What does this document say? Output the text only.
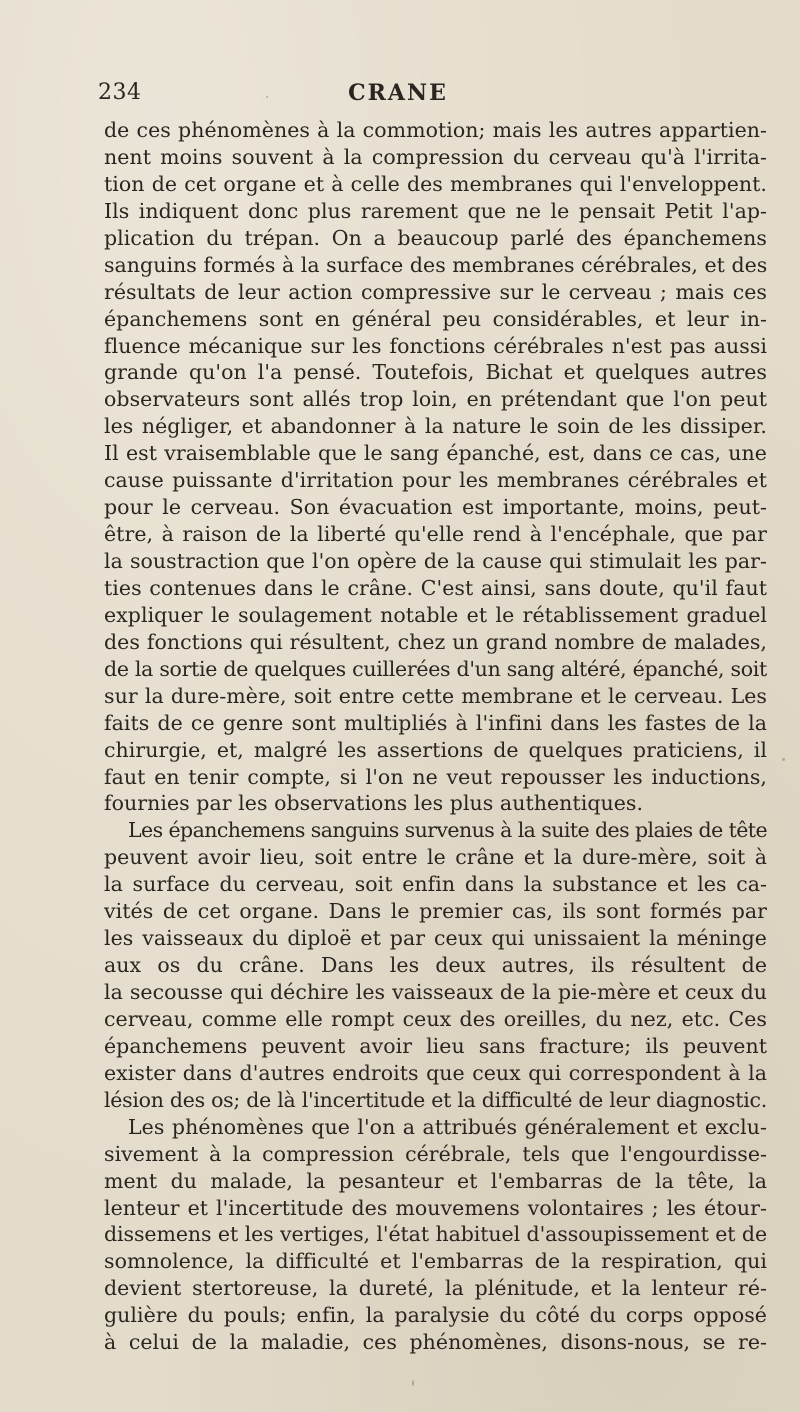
234	CRANE
de ces phénomènes à la commotion; mais les autres appartien-
nent moins souvent à la compression du cerveau qu'à l'irrita-
tion de cet organe et à celle des membranes qui l'enveloppent.
Ils indiquent donc plus rarement que ne le pensait Petit l'ap-
plication du trépan. On a beaucoup parlé des épanchemens
sanguins formés à la surface des membranes cérébrales, et des
résultats de leur action compressive sur le cerveau ; mais ces
épanchemens sont en général peu considérables, et leur in-
fluence mécanique sur les fonctions cérébrales n'est pas aussi
grande qu'on l'a pensé. Toutefois, Bichat et quelques autres
observateurs sont allés trop loin, en prétendant que l'on peut
les négliger, et abandonner à la nature le soin de les dissiper.
Il est vraisemblable que le sang épanché, est, dans ce cas, une
cause puissante d'irritation pour les membranes cérébrales et
pour le cerveau. Son évacuation est importante, moins, peut-
être, à raison de la liberté qu'elle rend à l'encéphale, que par
la soustraction que l'on opère de la cause qui stimulait les par-
ties contenues dans le crâne. C'est ainsi, sans doute, qu'il faut
expliquer le soulagement notable et le rétablissement graduel
des fonctions qui résultent, chez un grand nombre de malades,
de la sortie de quelques cuillerées d'un sang altéré, épanché, soit
sur la dure-mère, soit entre cette membrane et le cerveau. Les
faits de ce genre sont multipliés à l'infini dans les fastes de la
chirurgie, et, malgré les assertions de quelques praticiens, il
faut en tenir compte, si l'on ne veut repousser les inductions,
fournies par les observations les plus authentiques.
Les épanchemens sanguins survenus à la suite des plaies de tête
peuvent avoir lieu, soit entre le crâne et la dure-mère, soit à
la surface du cerveau, soit enfin dans la substance et les ca-
vités de cet organe. Dans le premier cas, ils sont formés par
les vaisseaux du diploë et par ceux qui unissaient la méninge
aux os du crâne. Dans les deux autres, ils résultent de
la secousse qui déchire les vaisseaux de la pie-mère et ceux du
cerveau, comme elle rompt ceux des oreilles, du nez, etc. Ces
épanchemens peuvent avoir lieu sans fracture; ils peuvent
exister dans d'autres endroits que ceux qui correspondent à la
lésion des os; de là l'incertitude et la difficulté de leur diagnostic.
Les phénomènes que l'on a attribués généralement et exclu-
sivement à la compression cérébrale, tels que l'engourdisse-
ment du malade, la pesanteur et l'embarras de la tête, la
lenteur et l'incertitude des mouvemens volontaires ; les étour-
dissemens et les vertiges, l'état habituel d'assoupissement et de
somnolence, la difficulté et l'embarras de la respiration, qui
devient stertoreuse, la dureté, la plénitude, et la lenteur ré-
gulière du pouls; enfin, la paralysie du côté du corps opposé
à celui de la maladie, ces phénomènes, disons-nous, se re-
